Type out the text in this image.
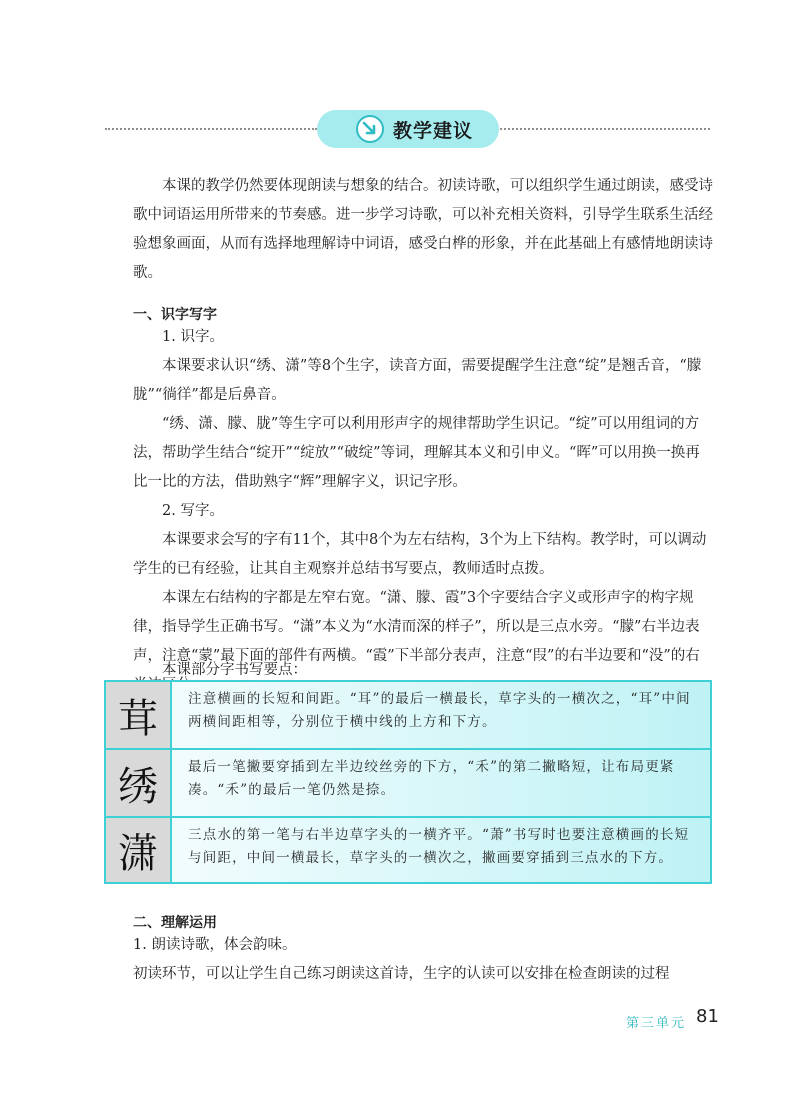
教学建议

本课的教学仍然要体现朗读与想象的结合。初读诗歌，可以组织学生通过朗读，感受诗歌中词语运用所带来的节奏感。进一步学习诗歌，可以补充相关资料，引导学生联系生活经验想象画面，从而有选择地理解诗中词语，感受白桦的形象，并在此基础上有感情地朗读诗歌。

一、识字写字

1. 识字。

本课要求认识“绣、潇”等8个生字，读音方面，需要提醒学生注意“绽”是翘舌音，“朦胧”“徜徉”都是后鼻音。

“绣、潇、朦、胧”等生字可以利用形声字的规律帮助学生识记。“绽”可以用组词的方法，帮助学生结合“绽开”“绽放”“破绽”等词，理解其本义和引申义。“晖”可以用换一换再比一比的方法，借助熟字“辉”理解字义，识记字形。

2. 写字。

本课要求会写的字有11个，其中8个为左右结构，3个为上下结构。教学时，可以调动学生的已有经验，让其自主观察并总结书写要点，教师适时点拨。

本课左右结构的字都是左窄右宽。“潇、朦、霞”3个字要结合字义或形声字的构字规律，指导学生正确书写。“潇”本义为“水清而深的样子”，所以是三点水旁。“朦”右半边表声，注意“蒙”最下面的部件有两横。“霞”下半部分表声，注意“叚”的右半边要和“没”的右

本课部分字书写要点：

茸	注意横画的长短和间距。“耳”的最后一横最长，草字头的一横次之，“耳”中间两横间距相等，分别位于横中线的上方和下方。
绣	最后一笔撇要穿插到左半边绞丝旁的下方，“禾”的第二撇略短，让布局更紧凑。“禾”的最后一笔仍然是捺。
潇	三点水的第一笔与右半边草字头的一横齐平。“萧”书写时也要注意横画的长短与间距，中间一横最长，草字头的一横次之，撇画要穿插到三点水的下方。

二、理解运用

1. 朗读诗歌，体会韵味。

初读环节，可以让学生自己练习朗读这首诗，生字的认读可以安排在检查朗读的过程

第三单元 81
